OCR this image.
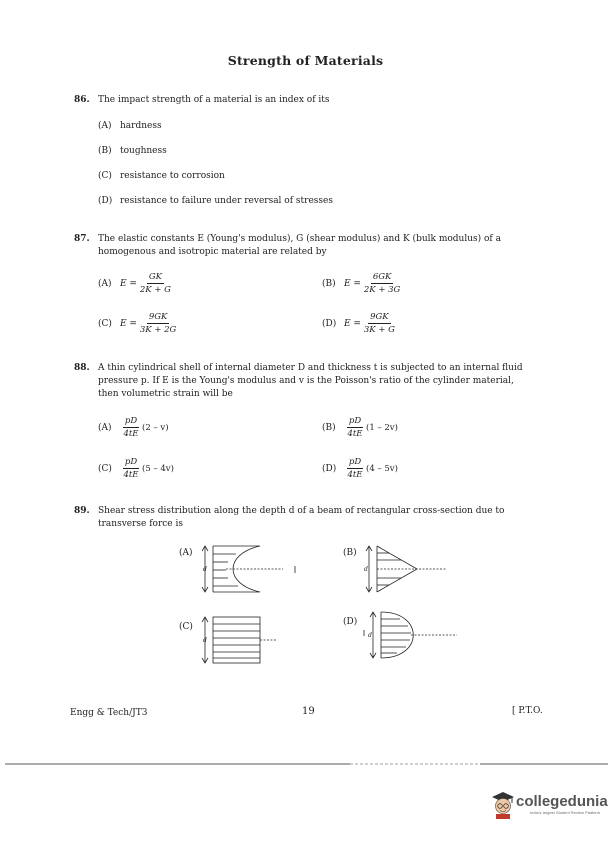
Strength of Materials
86. The impact strength of a material is an index of its
(A) hardness
(B) toughness
(C) resistance to corrosion
(D) resistance to failure under reversal of stresses
87. The elastic constants E (Young's modulus), G (shear modulus) and K (bulk modulus) of a
homogenous and isotropic material are related by
(A) $E = \frac{GK}{2K + G}$	(B) $E = \frac{6GK}{2K + 3G}$
(C) $E = \frac{9GK}{3K + 2G}$	(D) $E = \frac{9GK}{3K + G}$
88. A thin cylindrical shell of internal diameter D and thickness t is subjected to an internal fluid
pressure p. If E is the Young's modulus and v is the Poisson's ratio of the cylinder material,
then volumetric strain will be
$(A) \frac{pD}{4tE} (2 - v)$	$(B) \frac{pD}{4tE} (1 - 2v)$
$(C) \frac{pD}{4tE} (5 - 4v)$	$(D) \frac{pD}{4tE} (4 - 5v)$
89. Shear stress distribution along the depth d of a beam of rectangular cross-section due to
transverse force is
(A)
d
(B)
d
(C)
d
(D)
d
Engg & Tech/JT3	19	[ P.T.O.
collegedunia
India's largest Student Review Platform
